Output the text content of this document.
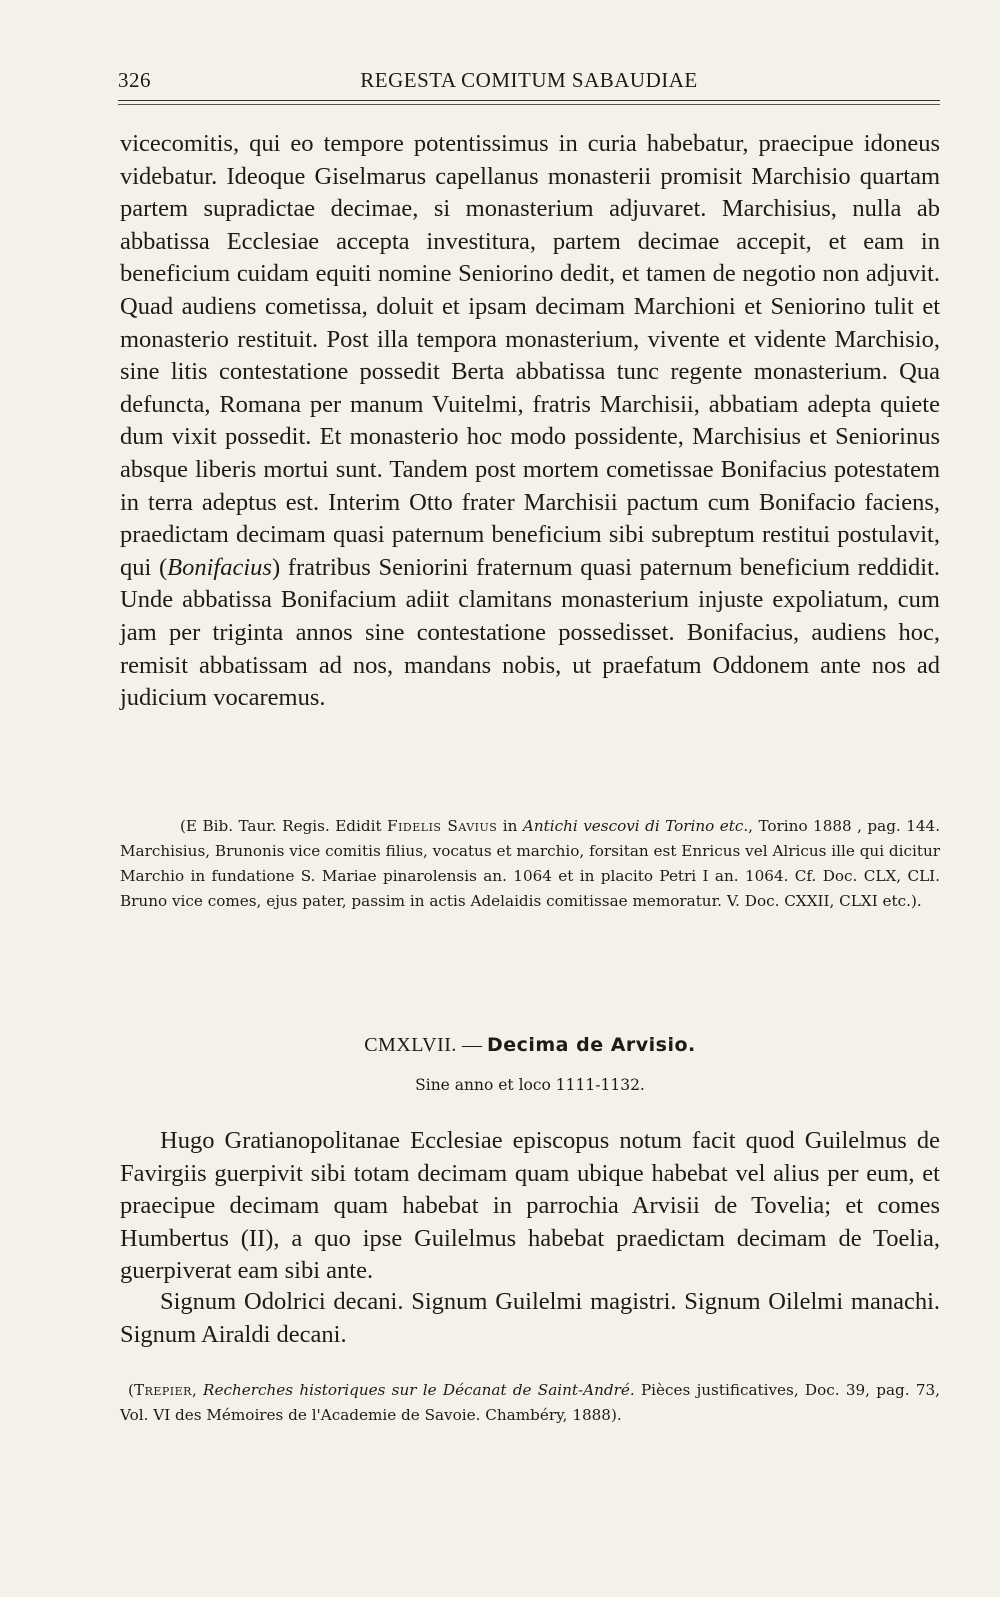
326	REGESTA COMITUM SABAUDIAE

vicecomitis, qui eo tempore potentissimus in curia habebatur, praecipue idoneus videbatur. Ideoque Giselmarus capellanus monasterii promisit Marchisio quartam partem supradictae decimae, si monasterium adjuvaret. Marchisius, nulla ab abbatissa Ecclesiae accepta investitura, partem decimae accepit, et eam in beneficium cuidam equiti nomine Seniorino dedit, et tamen de negotio non adjuvit. Quad audiens cometissa, doluit et ipsam decimam Marchioni et Seniorino tulit et monasterio restituit. Post illa tempora monasterium, vivente et vidente Marchisio, sine litis contestatione possedit Berta abbatissa tunc regente monasterium. Qua defuncta, Romana per manum Vuitelmi, fratris Marchisii, abbatiam adepta quiete dum vixit possedit. Et monasterio hoc modo possidente, Marchisius et Seniorinus absque liberis mortui sunt. Tandem post mortem cometissae Bonifacius potestatem in terra adeptus est. Interim Otto frater Marchisii pactum cum Bonifacio faciens, praedictam decimam quasi paternum beneficium sibi subreptum restitui postulavit, qui (Bonifacius) fratribus Seniorini fraternum quasi paternum beneficium reddidit. Unde abbatissa Bonifacium adiit clamitans monasterium injuste expoliatum, cum jam per triginta annos sine contestatione possedisset. Bonifacius, audiens hoc, remisit abbatissam ad nos, mandans nobis, ut praefatum Oddonem ante nos ad judicium vocaremus.

(E Bib. Taur. Regis. Edidit Fidelis Savius in Antichi vescovi di Torino etc., Torino 1888 , pag. 144. Marchisius, Brunonis vice comitis filius, vocatus et marchio, forsitan est Enricus vel Alricus ille qui dicitur Marchio in fundatione S. Mariae pinarolensis an. 1064 et in placito Petri I an. 1064. Cf. Doc. CLX, CLI. Bruno vice comes, ejus pater, passim in actis Adelaidis comitissae memoratur. V. Doc. CXXII, CLXI etc.).

CMXLVII. — Decima de Arvisio.
Sine anno et loco 1111-1132.

Hugo Gratianopolitanae Ecclesiae episcopus notum facit quod Guilelmus de Favirgiis guerpivit sibi totam decimam quam ubique habebat vel alius per eum, et praecipue decimam quam habebat in parrochia Arvisii de Tovelia; et comes Humbertus (II), a quo ipse Guilelmus habebat praedictam decimam de Toelia, guerpiverat eam sibi ante.

Signum Odolrici decani. Signum Guilelmi magistri. Signum Oilelmi manachi. Signum Airaldi decani.

(Trepier, Recherches historiques sur le Décanat de Saint-André. Pièces justificatives, Doc. 39, pag. 73, Vol. VI des Mémoires de l'Academie de Savoie. Chambéry, 1888).
